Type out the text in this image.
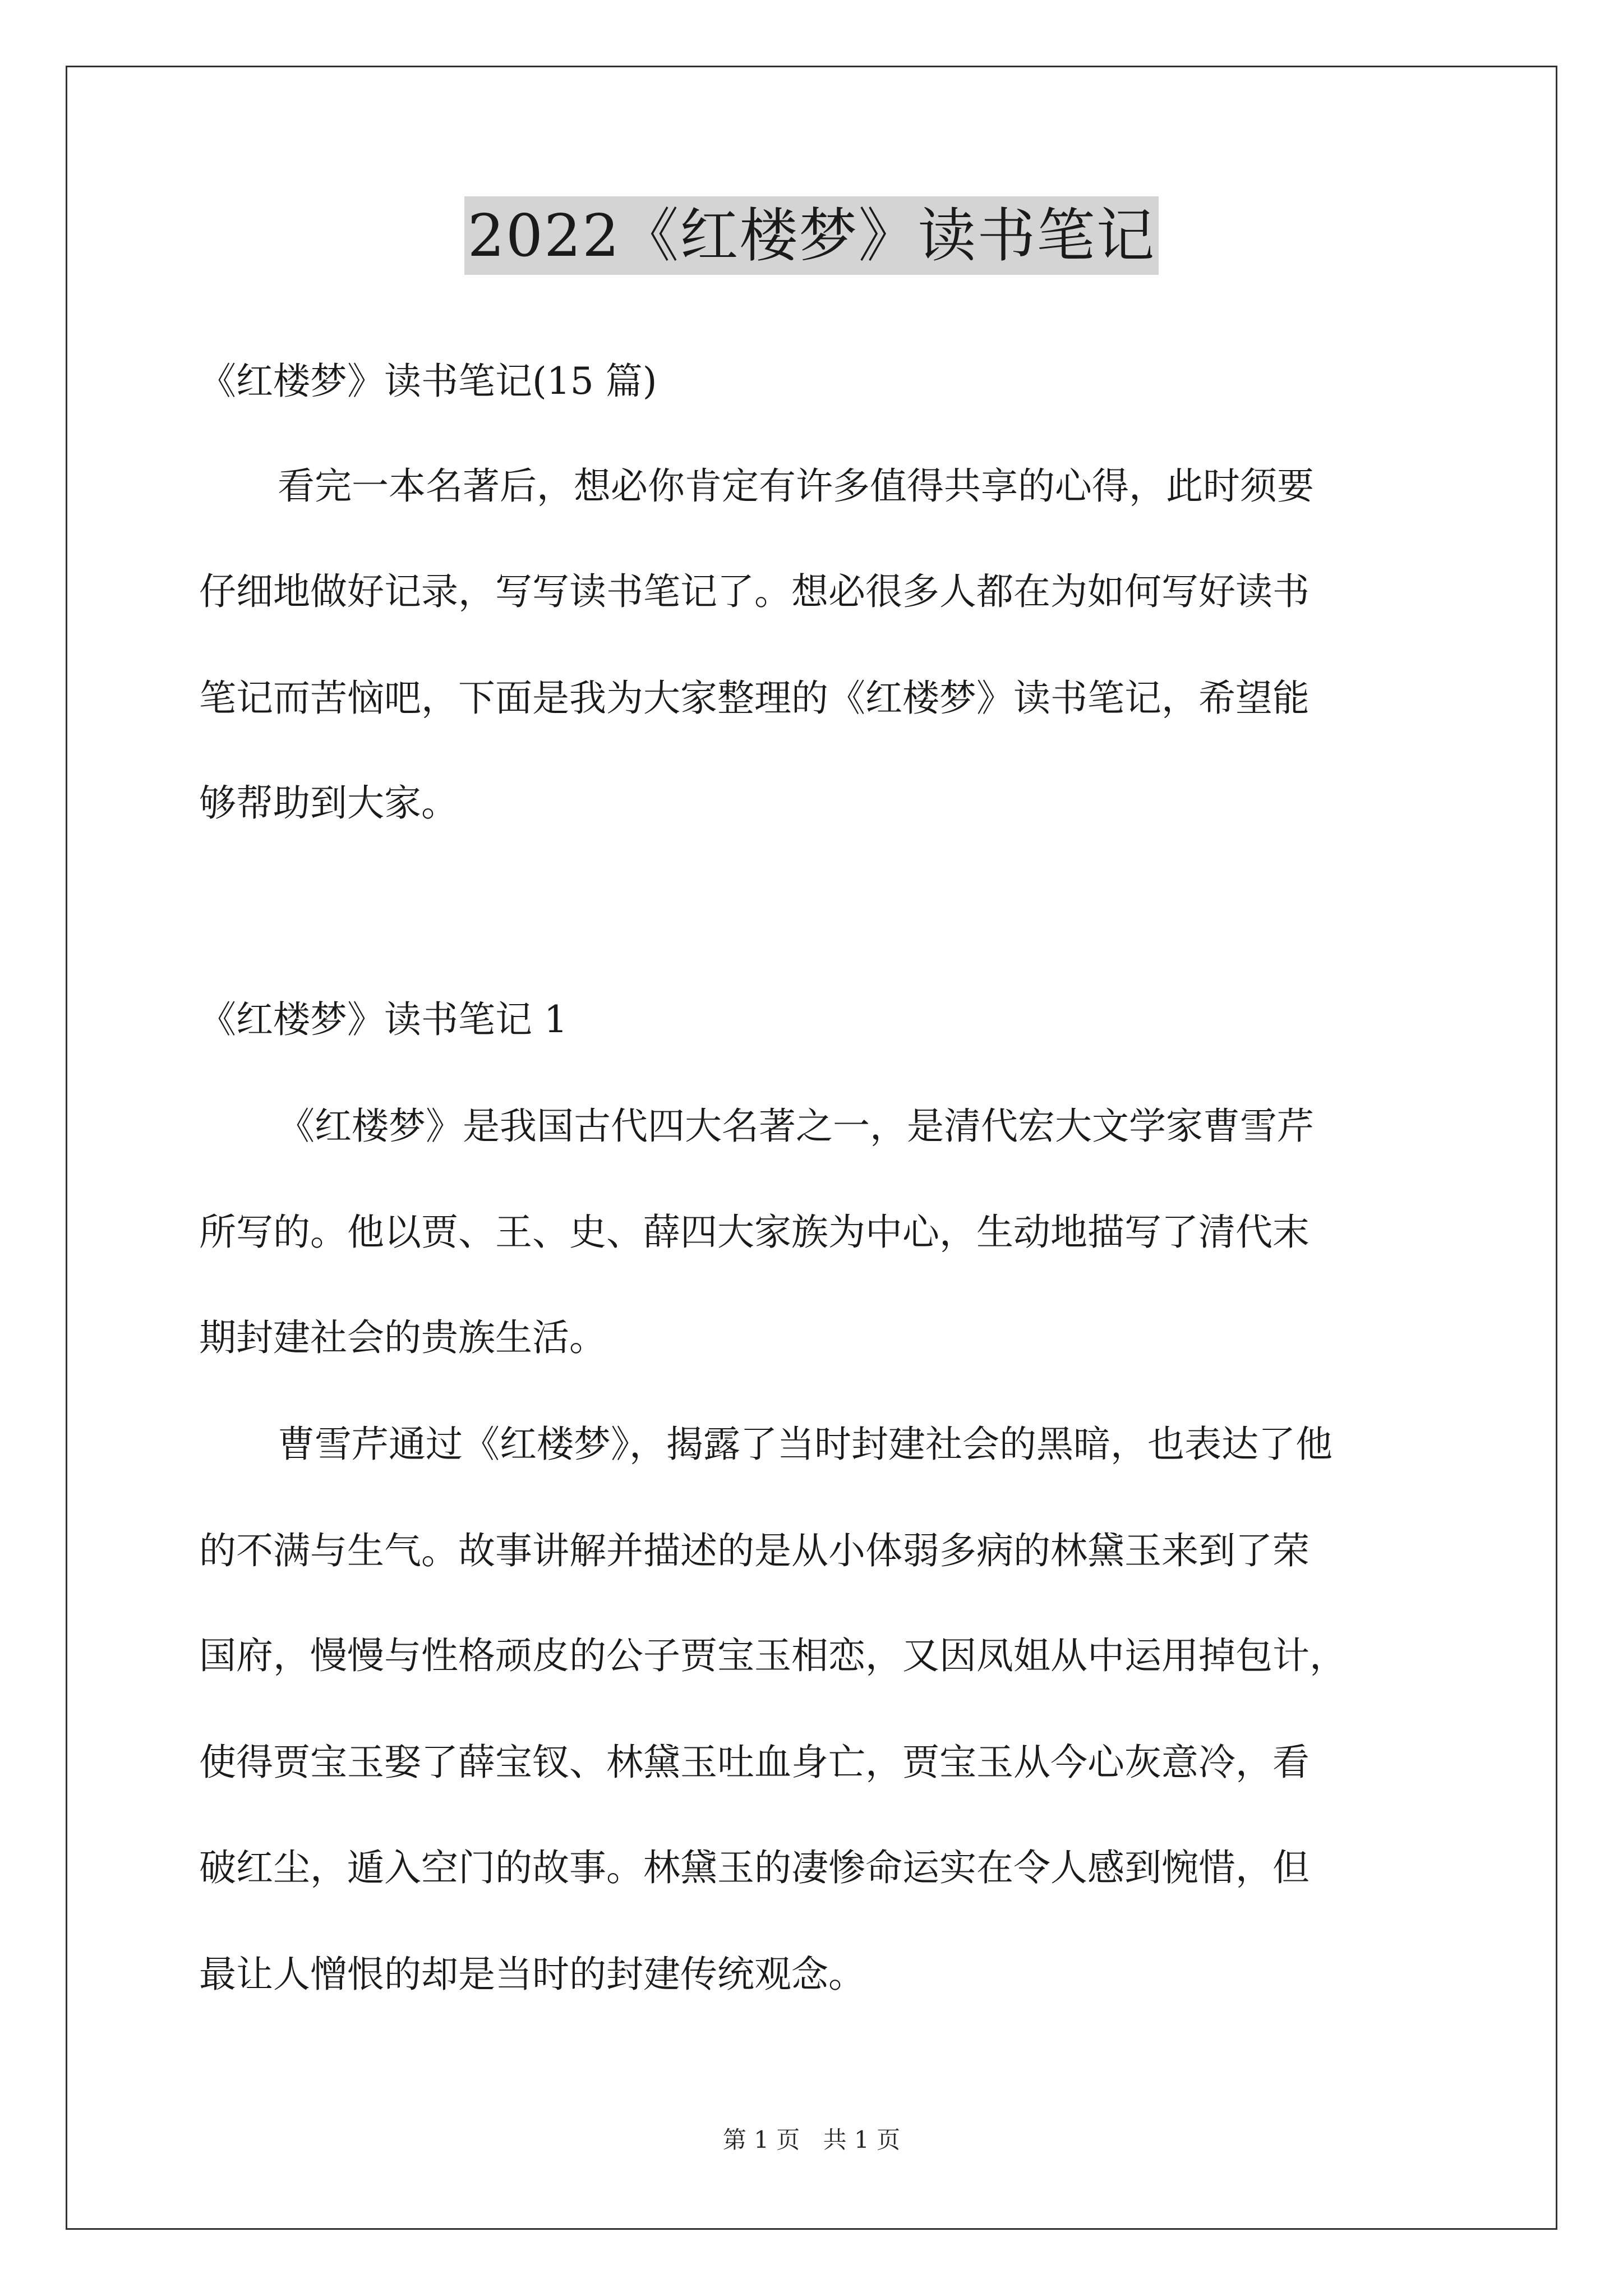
2022《红楼梦》读书笔记
《红楼梦》读书笔记(15 篇)
看完一本名著后，想必你肯定有许多值得共享的心得，此时须要
仔细地做好记录，写写读书笔记了。想必很多人都在为如何写好读书
笔记而苦恼吧，下面是我为大家整理的《红楼梦》读书笔记，希望能
够帮助到大家。
《红楼梦》读书笔记 1
《红楼梦》是我国古代四大名著之一，是清代宏大文学家曹雪芹
所写的。他以贾、王、史、薛四大家族为中心，生动地描写了清代末
期封建社会的贵族生活。
曹雪芹通过《红楼梦》，揭露了当时封建社会的黑暗，也表达了他
的不满与生气。故事讲解并描述的是从小体弱多病的林黛玉来到了荣
国府，慢慢与性格顽皮的公子贾宝玉相恋，又因凤姐从中运用掉包计，
使得贾宝玉娶了薛宝钗、林黛玉吐血身亡，贾宝玉从今心灰意冷，看
破红尘，遁入空门的故事。林黛玉的凄惨命运实在令人感到惋惜，但
最让人憎恨的却是当时的封建传统观念。
第 1 页 共 1 页
